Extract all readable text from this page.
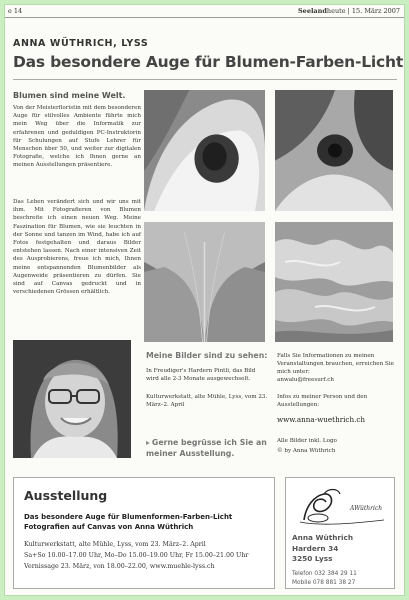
e 14	Seelandheute | 15. März 2007
ANNA WÜTHRICH, LYSS
Das besondere Auge für Blumen-Farben-Licht
Blumen sind meine Welt.

Von der Meisterfloristin mit dem besonderen Auge für stilvolles Ambiente führte mich mein Weg über die Informatik zur erfahrenen und geduldigen PC-Instruktorin für Schulungen auf Stufe Lehrer für Menschen über 50, und weiter zur digitalen Fotografie, welche ich Ihnen gerne an meinen Ausstellungen präsentiere.

Das Leben verändert sich und wir uns mit ihm. Mit Fotografieren von Blumen beschreite ich einen neuen Weg. Meine Faszination für Blumen, wie sie leuchten in der Sonne und tanzen im Wind, habe ich auf Fotos festgehalten und daraus Bilder entstehen lassen. Nach einer intensiven Zeit des Ausprobierens, freue ich mich, Ihnen meine entspannenden Blumenbilder als Augenweide präsentieren zu dürfen. Sie sind auf Canvas gedruckt und in verschiedenen Grössen erhältlich.

Meine Bilder sind zu sehen:

In Freudiger's Hardern Pintli, das Bild wird alle 2-3 Monate ausgewechselt.

Kulturwerkstatt, alte Mühle, Lyss, vom 23. März–2. April

▸ Gerne begrüsse ich Sie an meiner Ausstellung.

Falls Sie Informationen zu meinen Veranstaltungen brauchen, erreichen Sie mich unter:
anwalu@freesurf.ch

Infos zu meiner Person und den Ausstellungen:

www.anna-wuethrich.ch

Alle Bilder inkl. Logo

© by Anna Wüthrich

Ausstellung
Das besondere Auge für Blumenformen-Farben-Licht
Fotografien auf Canvas von Anna Wüthrich
Kulturwerkstatt, alte Mühle, Lyss, vom 23. März–2. April
Sa+So 10.00–17.00 Uhr, Mo–Do 15.00–19.00 Uhr, Fr 15.00–21.00 Uhr
Vernissage 23. März, von 18.00–22.00, www.muehle-lyss.ch
AWüthrich
Anna Wüthrich
Hardern 34
3250 Lyss
Telefon 032 384 29 11
Mobile 078 881 38 27
